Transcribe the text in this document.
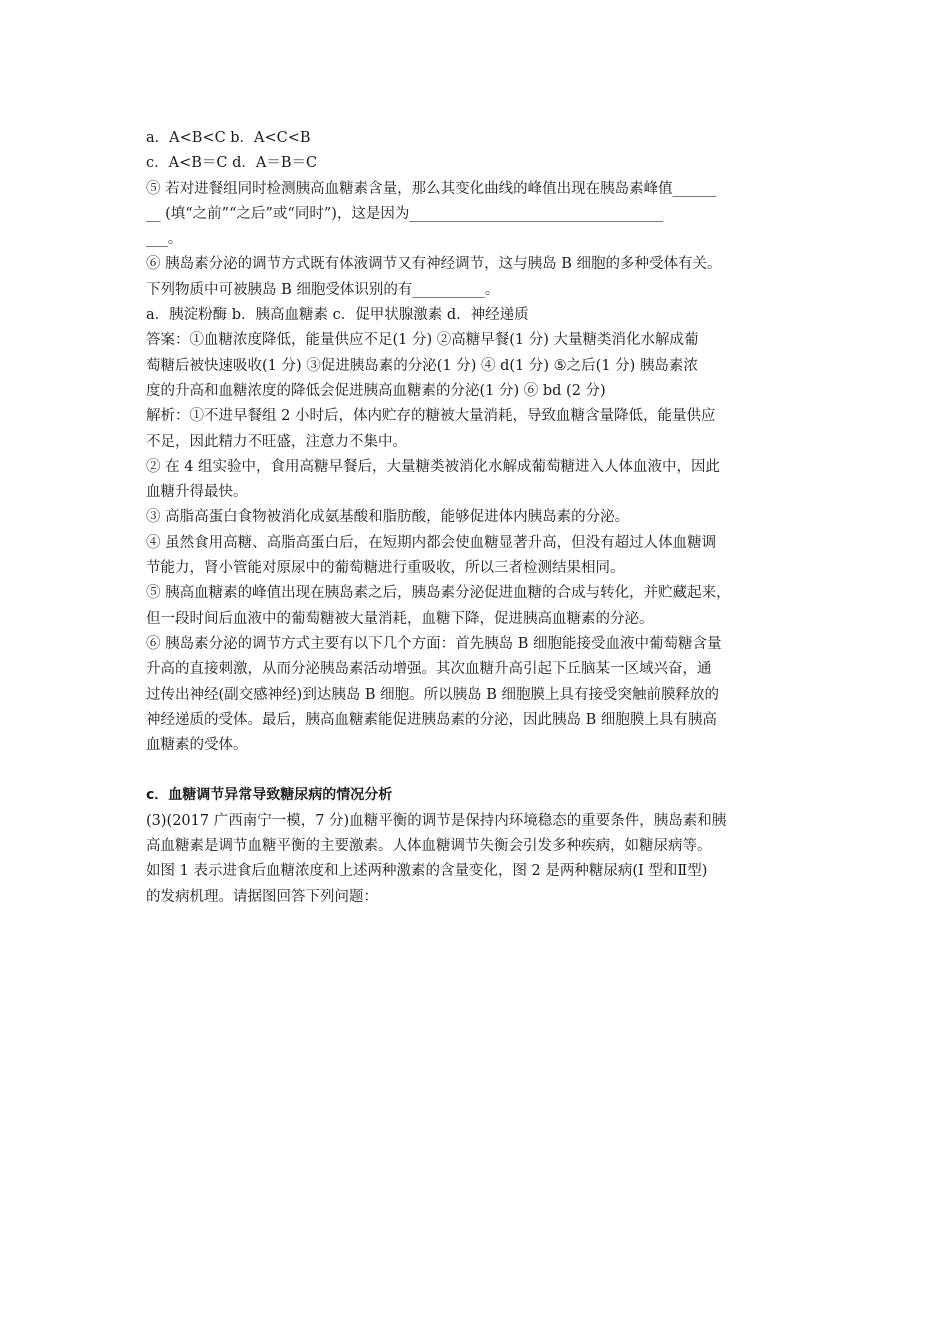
a．A<B<C b．A<C<B
c．A<B＝C d．A＝B＝C
⑤ 若对进餐组同时检测胰高血糖素含量，那么其变化曲线的峰值出现在胰岛素峰值______
__ (填“之前”“之后”或“同时”)，这是因为___________________________________
___。
⑥ 胰岛素分泌的调节方式既有体液调节又有神经调节，这与胰岛 B 细胞的多种受体有关。
下列物质中可被胰岛 B 细胞受体识别的有__________。
a．胰淀粉酶 b．胰高血糖素 c．促甲状腺激素 d．神经递质
答案：①血糖浓度降低，能量供应不足(1 分) ②高糖早餐(1 分) 大量糖类消化水解成葡
萄糖后被快速吸收(1 分) ③促进胰岛素的分泌(1 分) ④ d(1 分) ⑤之后(1 分) 胰岛素浓
度的升高和血糖浓度的降低会促进胰高血糖素的分泌(1 分) ⑥ bd (2 分)
解析：①不进早餐组 2 小时后，体内贮存的糖被大量消耗，导致血糖含量降低，能量供应
不足，因此精力不旺盛，注意力不集中。
② 在 4 组实验中，食用高糖早餐后，大量糖类被消化水解成葡萄糖进入人体血液中，因此
血糖升得最快。
③ 高脂高蛋白食物被消化成氨基酸和脂肪酸，能够促进体内胰岛素的分泌。
④ 虽然食用高糖、高脂高蛋白后，在短期内都会使血糖显著升高，但没有超过人体血糖调
节能力，肾小管能对原尿中的葡萄糖进行重吸收，所以三者检测结果相同。
⑤ 胰高血糖素的峰值出现在胰岛素之后，胰岛素分泌促进血糖的合成与转化，并贮藏起来，
但一段时间后血液中的葡萄糖被大量消耗，血糖下降，促进胰高血糖素的分泌。
⑥ 胰岛素分泌的调节方式主要有以下几个方面：首先胰岛 B 细胞能接受血液中葡萄糖含量
升高的直接刺激，从而分泌胰岛素活动增强。其次血糖升高引起下丘脑某一区域兴奋，通
过传出神经(副交感神经)到达胰岛 B 细胞。所以胰岛 B 细胞膜上具有接受突触前膜释放的
神经递质的受体。最后，胰高血糖素能促进胰岛素的分泌，因此胰岛 B 细胞膜上具有胰高
血糖素的受体。
c．血糖调节异常导致糖尿病的情况分析
(3)(2017 广西南宁一模，7 分)血糖平衡的调节是保持内环境稳态的重要条件，胰岛素和胰
高血糖素是调节血糖平衡的主要激素。人体血糖调节失衡会引发多种疾病，如糖尿病等。
如图 1 表示进食后血糖浓度和上述两种激素的含量变化，图 2 是两种糖尿病(Ⅰ 型和Ⅱ型)
的发病机理。请据图回答下列问题：
